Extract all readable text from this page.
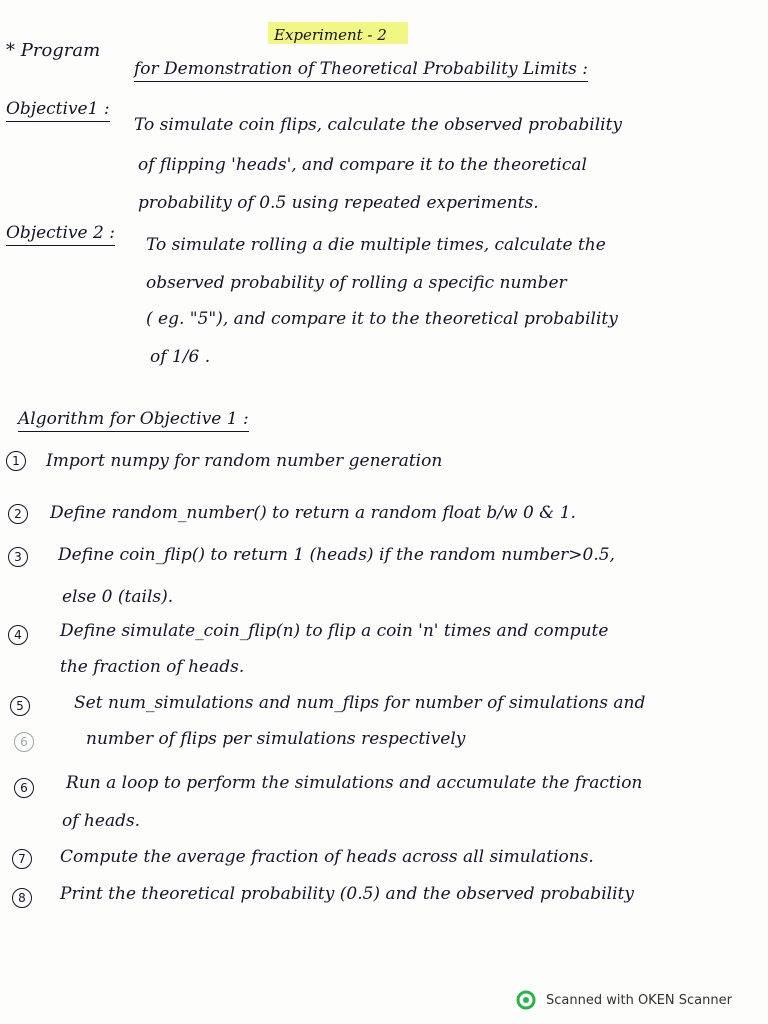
Experiment - 2
* Program
for Demonstration of Theoretical Probability Limits :
Objective1 :
To simulate coin flips, calculate the observed probability
of flipping 'heads', and compare it to the theoretical
probability of 0.5 using repeated experiments.
Objective 2 :
To simulate rolling a die multiple times, calculate the
observed probability of rolling a specific number
( eg. "5"), and compare it to the theoretical probability
of 1/6 .
Algorithm for Objective 1 :
1	Import numpy for random number generation
2	Define random_number() to return a random float b/w 0 & 1.
3	Define coin_flip() to return 1 (heads) if the random number>0.5,
else 0 (tails).
4	Define simulate_coin_flip(n) to flip a coin 'n' times and compute
the fraction of heads.
5	Set num_simulations and num_flips for number of simulations and
6	number of flips per simulations respectively
6	Run a loop to perform the simulations and accumulate the fraction
of heads.
7	Compute the average fraction of heads across all simulations.
8	Print the theoretical probability (0.5) and the observed probability
Scanned with OKEN Scanner
